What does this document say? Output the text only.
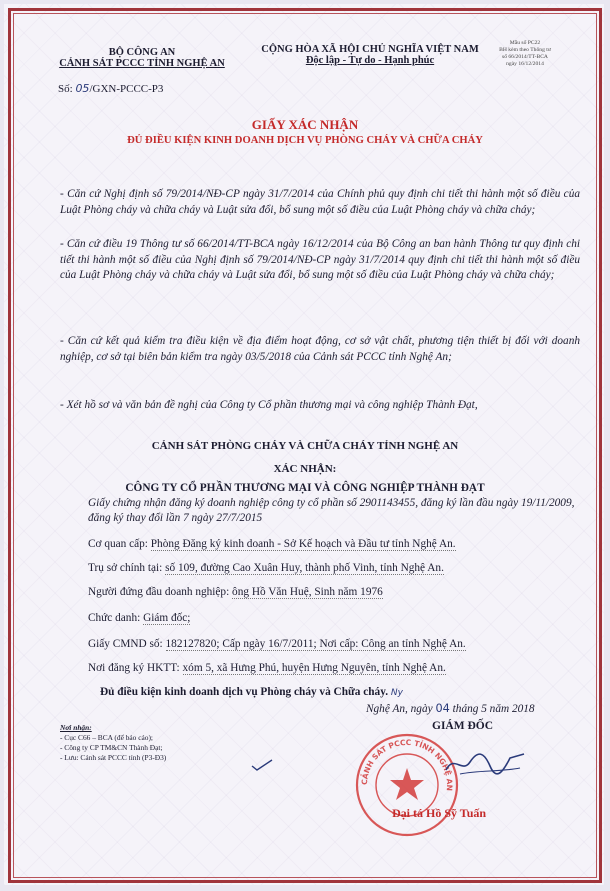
BỘ CÔNG AN
CẢNH SÁT PCCC TỈNH NGHỆ AN
Số: 05/GXN-PCCC-P3
CỘNG HÒA XÃ HỘI CHỦ NGHĨA VIỆT NAM
Độc lập - Tự do - Hạnh phúc
Mẫu số PC22
BH kèm theo Thông tư
số 66/2014/TT-BCA
ngày 16/12/2014
GIẤY XÁC NHẬN
ĐỦ ĐIỀU KIỆN KINH DOANH DỊCH VỤ PHÒNG CHÁY VÀ CHỮA CHÁY
- Căn cứ Nghị định số 79/2014/NĐ-CP ngày 31/7/2014 của Chính phủ quy định chi tiết thi hành một số điều của Luật Phòng cháy và chữa cháy và Luật sửa đổi, bổ sung một số điều của Luật Phòng cháy và chữa cháy;
- Căn cứ điều 19 Thông tư số 66/2014/TT-BCA ngày 16/12/2014 của Bộ Công an ban hành Thông tư quy định chi tiết thi hành một số điều của Nghị định số 79/2014/NĐ-CP ngày 31/7/2014 quy định chi tiết thi hành một số điều của Luật Phòng cháy và chữa cháy và Luật sửa đổi, bổ sung một số điều của Luật Phòng cháy và chữa cháy;
- Căn cứ kết quả kiểm tra điều kiện về địa điểm hoạt động, cơ sở vật chất, phương tiện thiết bị đối với doanh nghiệp, cơ sở tại biên bản kiểm tra ngày 03/5/2018 của Cảnh sát PCCC tỉnh Nghệ An;
- Xét hồ sơ và văn bản đề nghị của Công ty Cổ phần thương mại và công nghiệp Thành Đạt,
CẢNH SÁT PHÒNG CHÁY VÀ CHỮA CHÁY TỈNH NGHỆ AN
XÁC NHẬN:
CÔNG TY CỔ PHẦN THƯƠNG MẠI VÀ CÔNG NGHIỆP THÀNH ĐẠT
Giấy chứng nhận đăng ký doanh nghiệp công ty cổ phần số 2901143455, đăng ký lần đầu ngày 19/11/2009, đăng ký thay đổi lần 7 ngày 27/7/2015
Cơ quan cấp: Phòng Đăng ký kinh doanh - Sở Kế hoạch và Đầu tư tỉnh Nghệ An.
Trụ sở chính tại: số 109, đường Cao Xuân Huy, thành phố Vinh, tỉnh Nghệ An.
Người đứng đầu doanh nghiệp: ông Hồ Văn Huệ, Sinh năm 1976
Chức danh: Giám đốc;
Giấy CMND số: 182127820; Cấp ngày 16/7/2011; Nơi cấp: Công an tỉnh Nghệ An.
Nơi đăng ký HKTT: xóm 5, xã Hưng Phú, huyện Hưng Nguyên, tỉnh Nghệ An.
Đủ điều kiện kinh doanh dịch vụ Phòng cháy và Chữa cháy. Ny
Nghệ An, ngày 04 tháng 5 năm 2018
GIÁM ĐỐC
Nơi nhận:
- Cục C66 – BCA (để báo cáo);
- Công ty CP TM&CN Thành Đạt;
- Lưu: Cảnh sát PCCC tỉnh (P3-Đ3)
CẢNH SÁT PCCC TỈNH NGHỆ AN
Đại tá Hồ Sỹ Tuấn
